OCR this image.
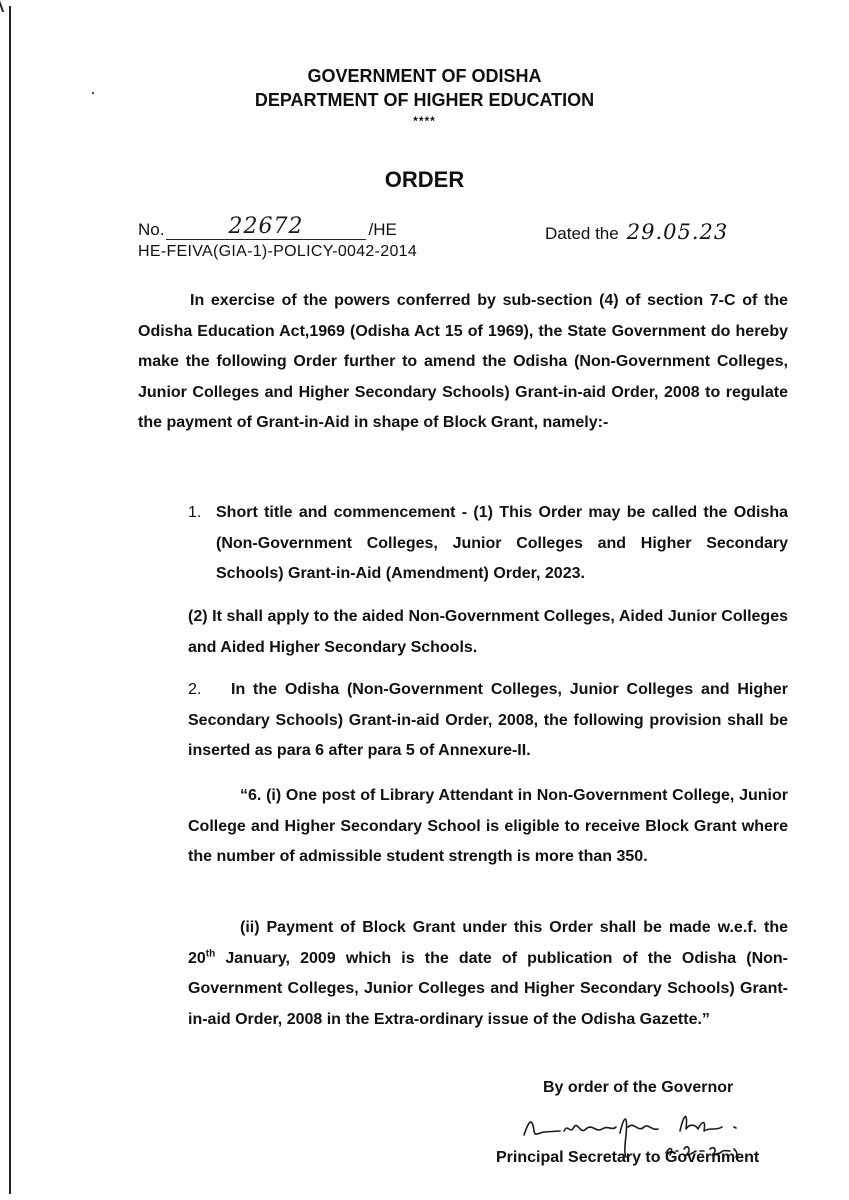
GOVERNMENT OF ODISHA
DEPARTMENT OF HIGHER EDUCATION
****
ORDER
No.	22672	/HE
HE-FEIVA(GIA-1)-POLICY-0042-2014
Dated the 29.05.23
In exercise of the powers conferred by sub-section (4) of section 7-C of the Odisha Education Act,1969 (Odisha Act 15 of 1969), the State Government do hereby make the following Order further to amend the Odisha (Non-Government Colleges, Junior Colleges and Higher Secondary Schools) Grant-in-aid Order, 2008 to regulate the payment of Grant-in-Aid in shape of Block Grant, namely:-
1. Short title and commencement - (1) This Order may be called the Odisha (Non-Government Colleges, Junior Colleges and Higher Secondary Schools) Grant-in-Aid (Amendment) Order, 2023.
(2) It shall apply to the aided Non-Government Colleges, Aided Junior Colleges and Aided Higher Secondary Schools.
2. In the Odisha (Non-Government Colleges, Junior Colleges and Higher Secondary Schools) Grant-in-aid Order, 2008, the following provision shall be inserted as para 6 after para 5 of Annexure-II.
“6. (i) One post of Library Attendant in Non-Government College, Junior College and Higher Secondary School is eligible to receive Block Grant where the number of admissible student strength is more than 350.
(ii) Payment of Block Grant under this Order shall be made w.e.f. the 20th January, 2009 which is the date of publication of the Odisha (Non-Government Colleges, Junior Colleges and Higher Secondary Schools) Grant-in-aid Order, 2008 in the Extra-ordinary issue of the Odisha Gazette.”
By order of the Governor
Principal Secretary to Government
